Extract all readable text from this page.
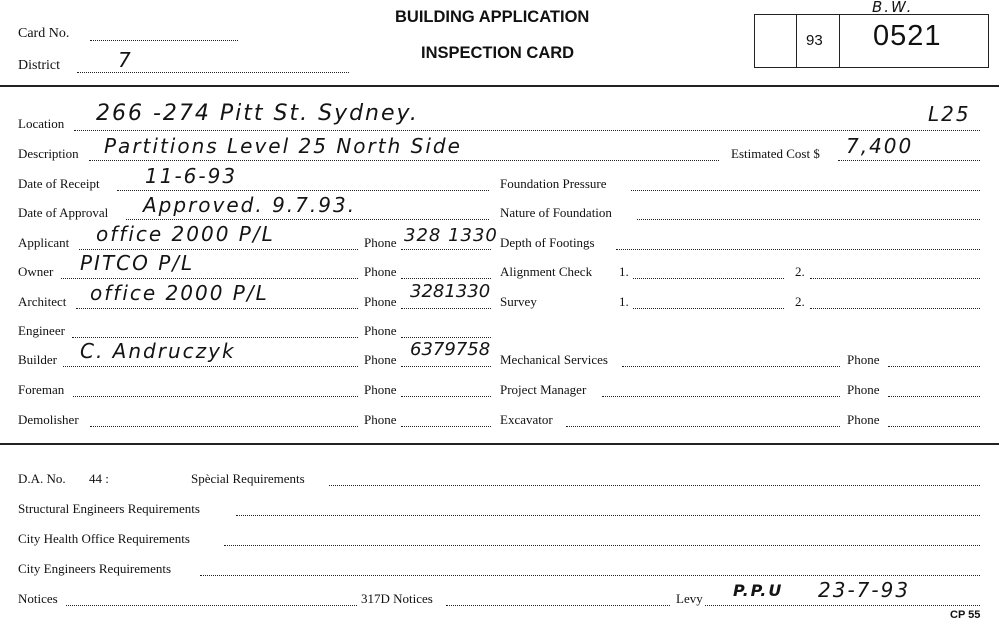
Card No.
District	7
BUILDING APPLICATION
INSPECTION CARD
B.W.
93 0521
Location 266 -274 Pitt St. Sydney.	L25
Description Partitions Level 25 North Side	Estimated Cost $ 7,400
Date of Receipt 11-6-93	Foundation Pressure
Date of Approval Approved. 9.7.93.	Nature of Foundation
Applicant office 2000 P/L	Phone 328 1330 Depth of Footings
Owner PITCO P/L	Phone	Alignment Check 1.	2.
Architect office 2000 P/L	Phone 3281330 Survey	1.	2.
Engineer	Phone
Builder C. Andruczyk	Phone 6379758 Mechanical Services	Phone
Foreman	Phone	Project Manager	Phone
Demolisher	Phone	Excavator	Phone
D.A. No. 44 :	Spècial Requirements
Structural Engineers Requirements
City Health Office Requirements
City Engineers Requirements
Notices	317D Notices	Levy P.P.U 23-7-93
CP 55
